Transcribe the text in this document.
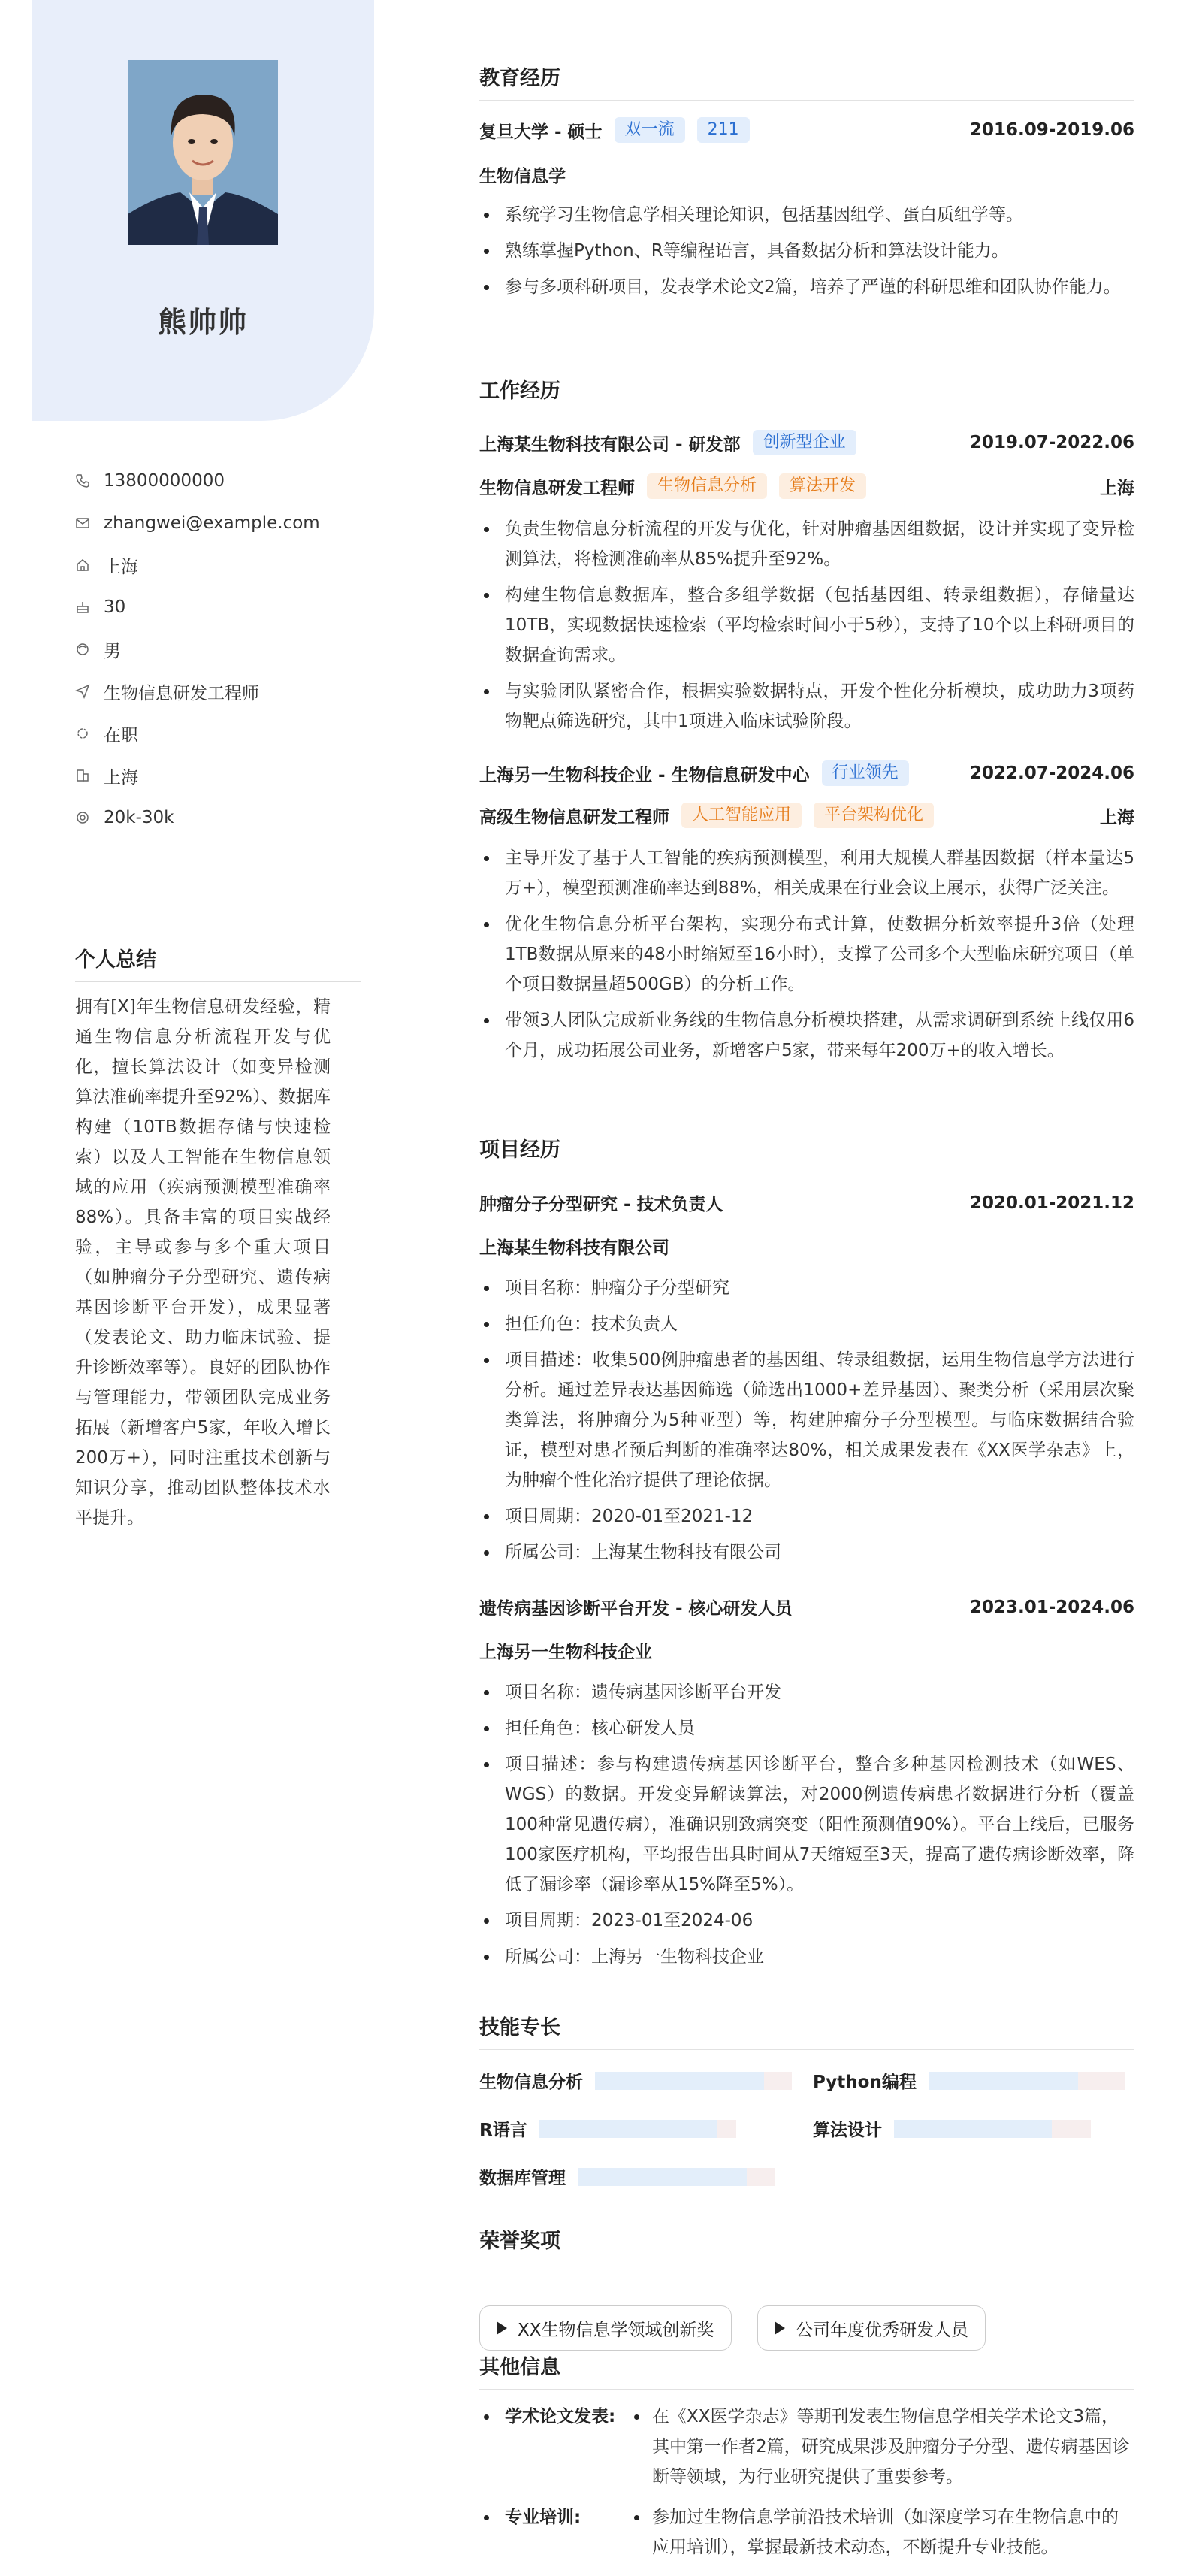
熊帅帅
13800000000
zhangwei@example.com
上海
30
男
生物信息研发工程师
在职
上海
20k-30k
个人总结
拥有[X]年生物信息研发经验，精通生物信息分析流程开发与优化，擅长算法设计（如变异检测算法准确率提升至92%）、数据库构建（10TB数据存储与快速检索）以及人工智能在生物信息领域的应用（疾病预测模型准确率88%）。具备丰富的项目实战经验，主导或参与多个重大项目（如肿瘤分子分型研究、遗传病基因诊断平台开发），成果显著（发表论文、助力临床试验、提升诊断效率等）。良好的团队协作与管理能力，带领团队完成业务拓展（新增客户5家，年收入增长200万+），同时注重技术创新与知识分享，推动团队整体技术水平提升。
教育经历
复旦大学 - 硕士	双一流	211	2016.09-2019.06
生物信息学
系统学习生物信息学相关理论知识，包括基因组学、蛋白质组学等。
熟练掌握Python、R等编程语言，具备数据分析和算法设计能力。
参与多项科研项目，发表学术论文2篇，培养了严谨的科研思维和团队协作能力。
工作经历
上海某生物科技有限公司 - 研发部	创新型企业	2019.07-2022.06
生物信息研发工程师	生物信息分析	算法开发	上海
负责生物信息分析流程的开发与优化，针对肿瘤基因组数据，设计并实现了变异检测算法，将检测准确率从85%提升至92%。
构建生物信息数据库，整合多组学数据（包括基因组、转录组数据），存储量达10TB，实现数据快速检索（平均检索时间小于5秒），支持了10个以上科研项目的数据查询需求。
与实验团队紧密合作，根据实验数据特点，开发个性化分析模块，成功助力3项药物靶点筛选研究，其中1项进入临床试验阶段。
上海另一生物科技企业 - 生物信息研发中心	行业领先	2022.07-2024.06
高级生物信息研发工程师	人工智能应用	平台架构优化	上海
主导开发了基于人工智能的疾病预测模型，利用大规模人群基因数据（样本量达5万+），模型预测准确率达到88%，相关成果在行业会议上展示，获得广泛关注。
优化生物信息分析平台架构，实现分布式计算，使数据分析效率提升3倍（处理1TB数据从原来的48小时缩短至16小时），支撑了公司多个大型临床研究项目（单个项目数据量超500GB）的分析工作。
带领3人团队完成新业务线的生物信息分析模块搭建，从需求调研到系统上线仅用6个月，成功拓展公司业务，新增客户5家，带来每年200万+的收入增长。
项目经历
肿瘤分子分型研究 - 技术负责人	2020.01-2021.12
上海某生物科技有限公司
项目名称：肿瘤分子分型研究
担任角色：技术负责人
项目描述：收集500例肿瘤患者的基因组、转录组数据，运用生物信息学方法进行分析。通过差异表达基因筛选（筛选出1000+差异基因）、聚类分析（采用层次聚类算法，将肿瘤分为5种亚型）等，构建肿瘤分子分型模型。与临床数据结合验证，模型对患者预后判断的准确率达80%，相关成果发表在《XX医学杂志》上，为肿瘤个性化治疗提供了理论依据。
项目周期：2020-01至2021-12
所属公司：上海某生物科技有限公司
遗传病基因诊断平台开发 - 核心研发人员	2023.01-2024.06
上海另一生物科技企业
项目名称：遗传病基因诊断平台开发
担任角色：核心研发人员
项目描述：参与构建遗传病基因诊断平台，整合多种基因检测技术（如WES、WGS）的数据。开发变异解读算法，对2000例遗传病患者数据进行分析（覆盖100种常见遗传病），准确识别致病突变（阳性预测值90%）。平台上线后，已服务100家医疗机构，平均报告出具时间从7天缩短至3天，提高了遗传病诊断效率，降低了漏诊率（漏诊率从15%降至5%）。
项目周期：2023-01至2024-06
所属公司：上海另一生物科技企业
技能专长
生物信息分析	Python编程
R语言	算法设计
数据库管理
荣誉奖项
XX生物信息学领域创新奖	公司年度优秀研发人员
其他信息
学术论文发表:	在《XX医学杂志》等期刊发表生物信息学相关学术论文3篇，其中第一作者2篇，研究成果涉及肿瘤分子分型、遗传病基因诊断等领域，为行业研究提供了重要参考。
专业培训:	参加过生物信息学前沿技术培训（如深度学习在生物信息中的应用培训），掌握最新技术动态，不断提升专业技能。
